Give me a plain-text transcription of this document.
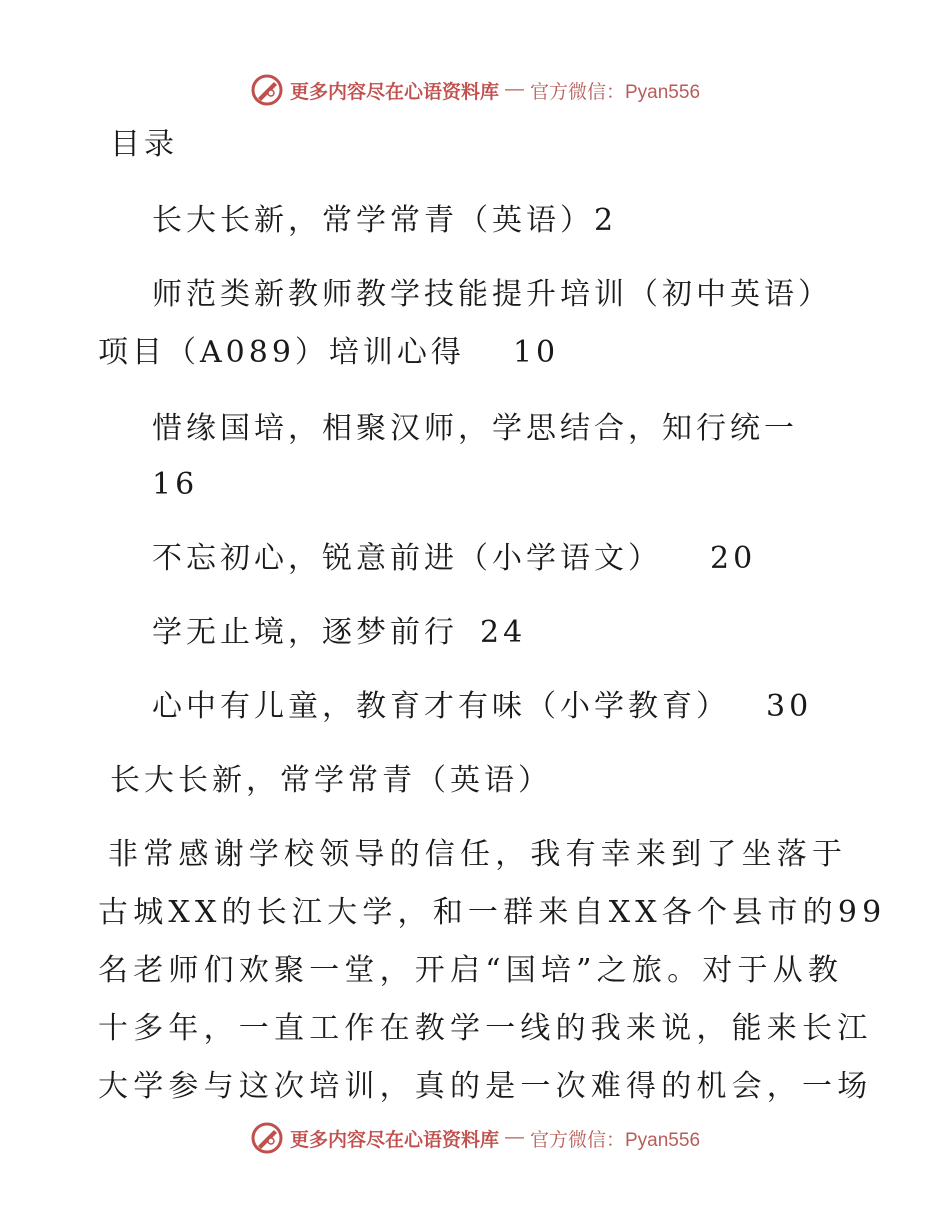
更多内容尽在心语资料库 — 官方微信：Pyan556

目录

长大长新，常学常青（英语）2

师范类新教师教学技能提升培训（初中英语）

项目（A089）培训心得 10

惜缘国培，相聚汉师，学思结合，知行统一

16

不忘初心，锐意前进（小学语文） 20

学无止境，逐梦前行 24

心中有儿童，教育才有味（小学教育） 30

长大长新，常学常青（英语）

非常感谢学校领导的信任，我有幸来到了坐落于

古城XX的长江大学，和一群来自XX各个县市的99

名老师们欢聚一堂，开启“国培”之旅。对于从教

十多年，一直工作在教学一线的我来说，能来长江

大学参与这次培训，真的是一次难得的机会，一场

更多内容尽在心语资料库 — 官方微信：Pyan556
